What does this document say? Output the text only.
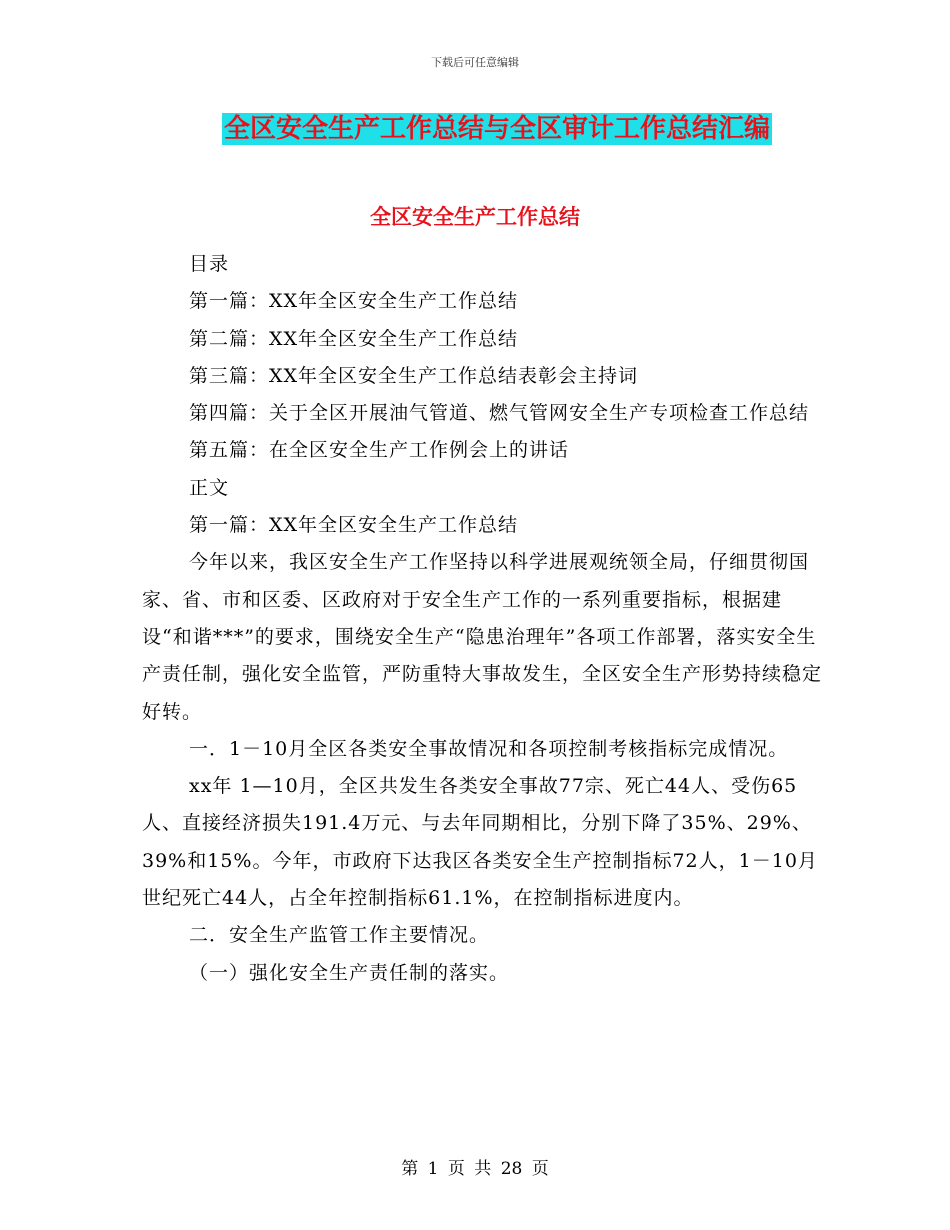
下载后可任意编辑
全区安全生产工作总结与全区审计工作总结汇编
全区安全生产工作总结

目录

第一篇：XX年全区安全生产工作总结

第二篇：XX年全区安全生产工作总结

第三篇：XX年全区安全生产工作总结表彰会主持词

第四篇：关于全区开展油气管道、燃气管网安全生产专项检查工作总结

第五篇：在全区安全生产工作例会上的讲话

正文

第一篇：XX年全区安全生产工作总结

今年以来，我区安全生产工作坚持以科学进展观统领全局，仔细贯彻国家、省、市和区委、区政府对于安全生产工作的一系列重要指标，根据建设“和谐***”的要求，围绕安全生产“隐患治理年”各项工作部署，落实安全生产责任制，强化安全监管，严防重特大事故发生，全区安全生产形势持续稳定好转。

一．1－10月全区各类安全事故情况和各项控制考核指标完成情况。

xx年 1—10月，全区共发生各类安全事故77宗、死亡44人、受伤65人、直接经济损失191.4万元、与去年同期相比，分别下降了35%、29%、39%和15%。今年，市政府下达我区各类安全生产控制指标72人，1－10月世纪死亡44人，占全年控制指标61.1%，在控制指标进度内。

二．安全生产监管工作主要情况。

（一）强化安全生产责任制的落实。

第 1 页 共 28 页
